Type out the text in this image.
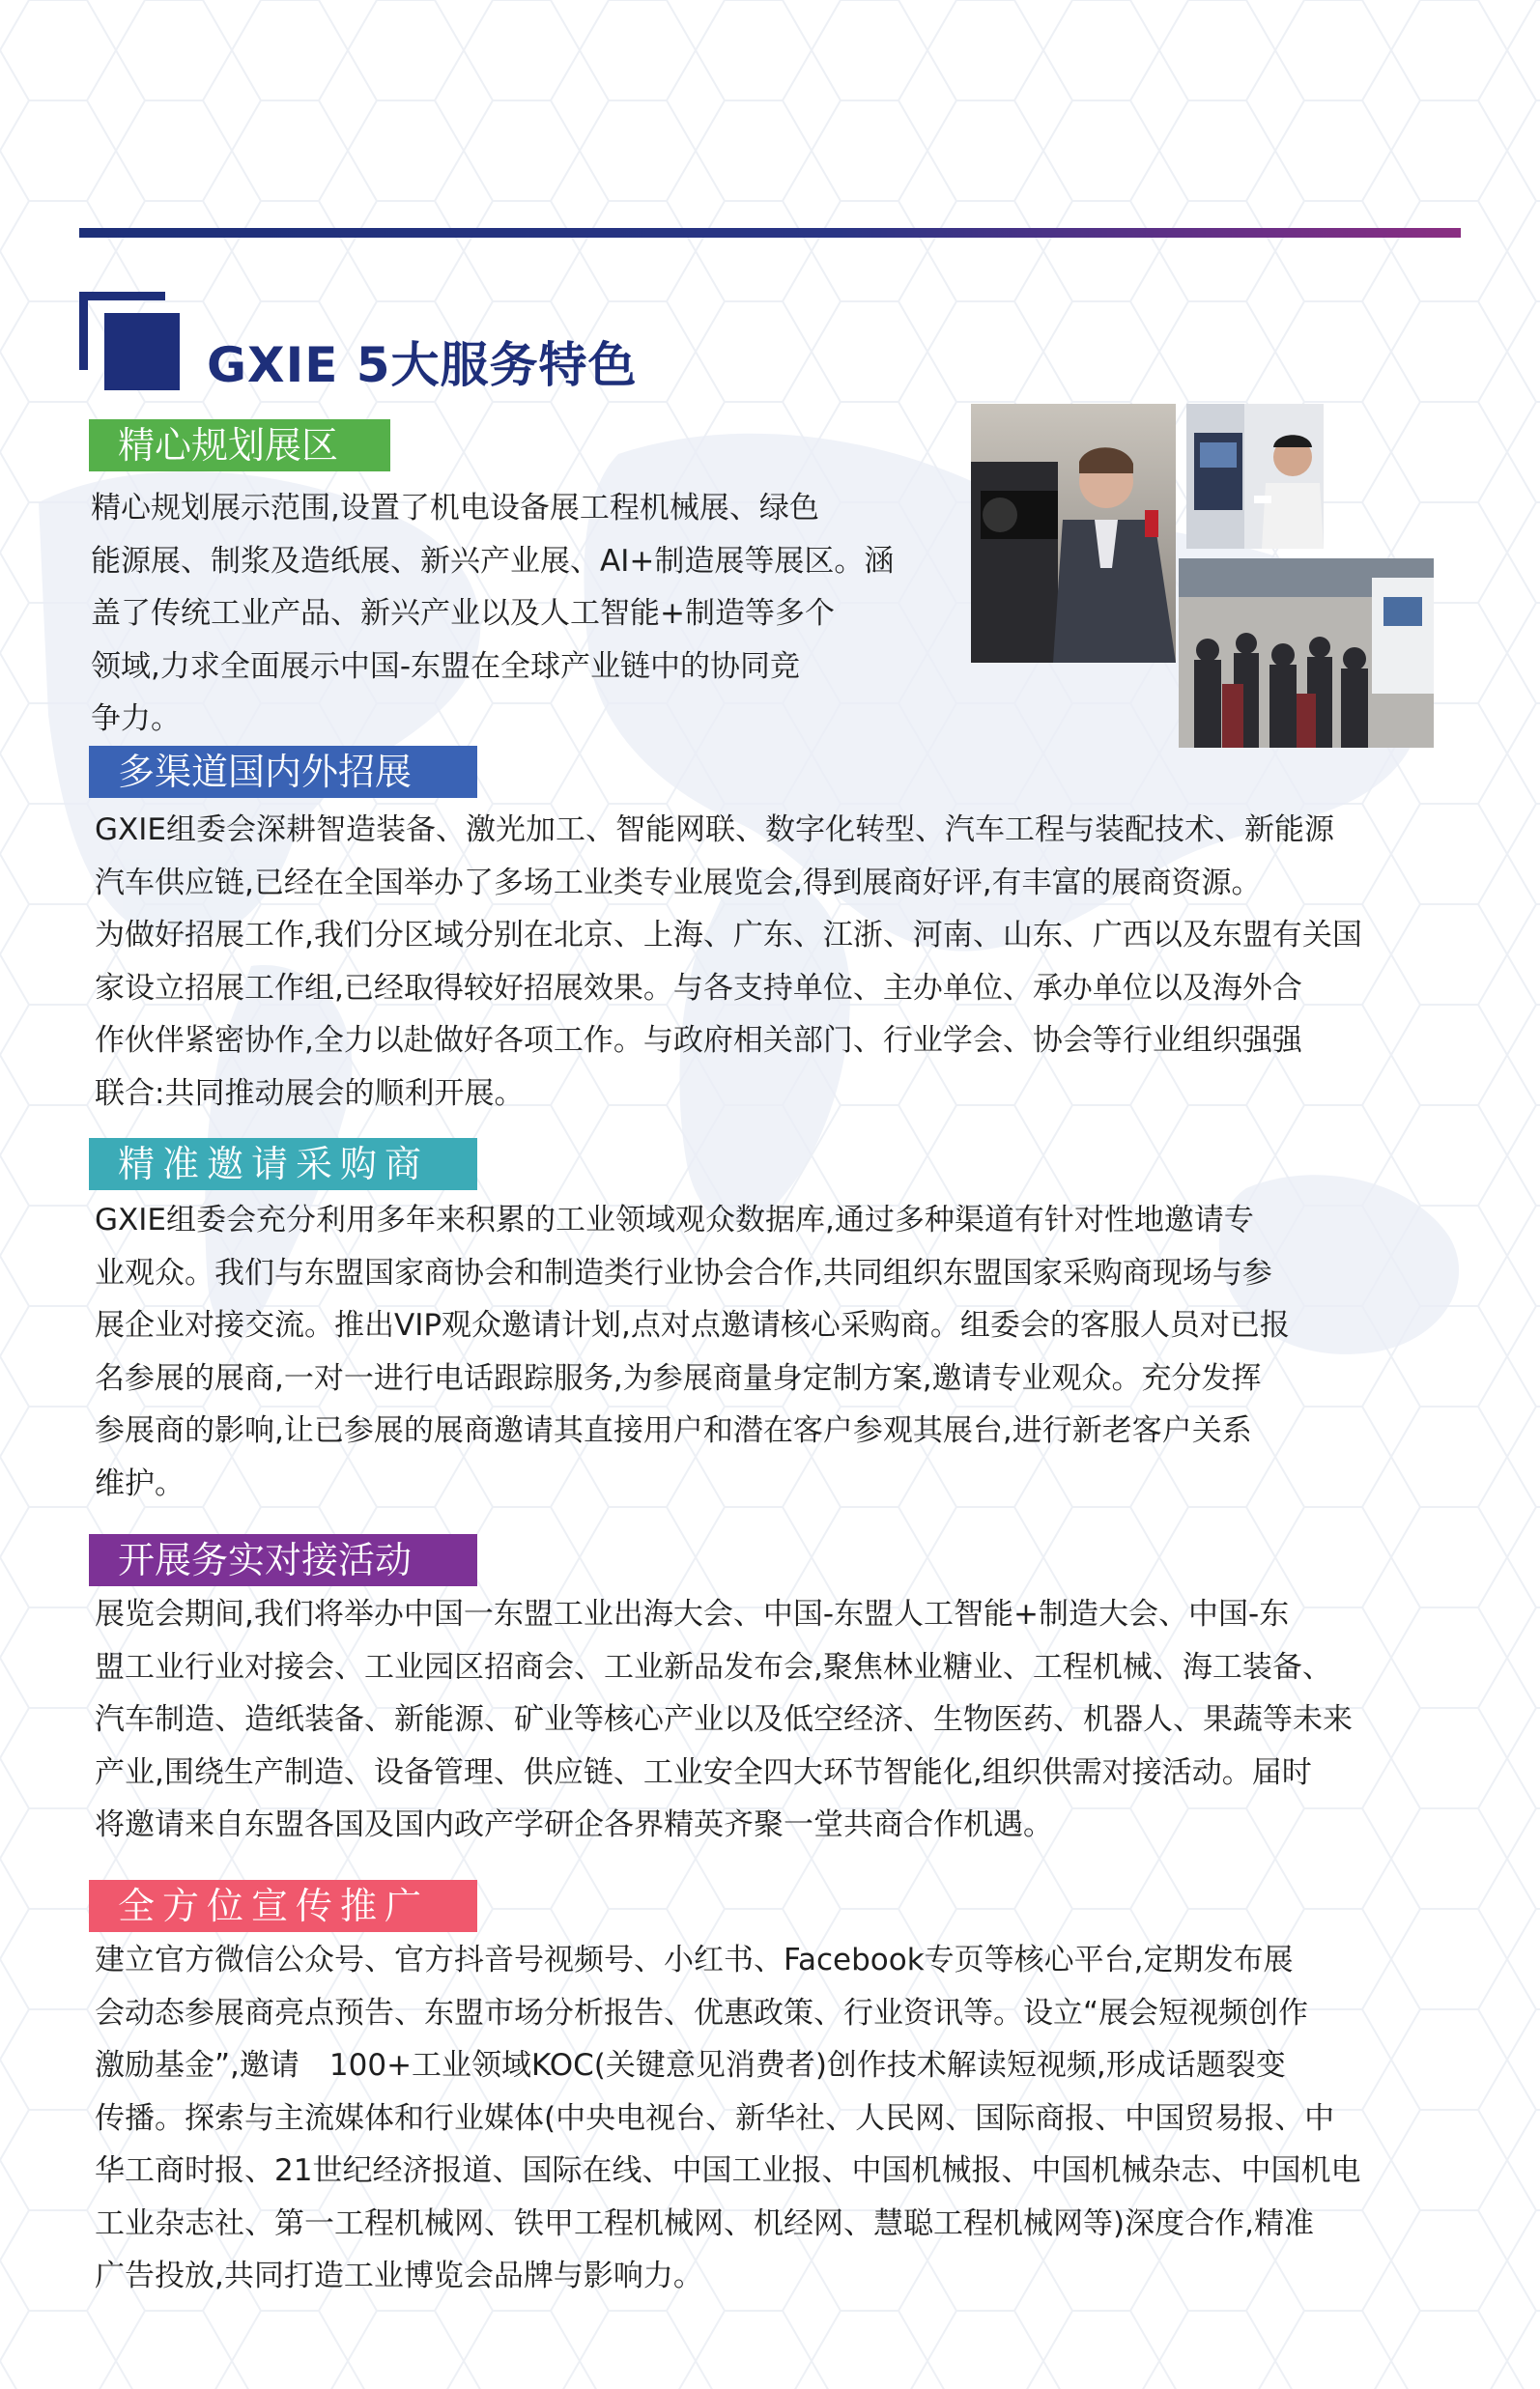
GXIE 5大服务特色
精心规划展区
精心规划展示范围,设置了机电设备展工程机械展、绿色
能源展、制浆及造纸展、新兴产业展、AI+制造展等展区。涵
盖了传统工业产品、新兴产业以及人工智能+制造等多个
领域,力求全面展示中国-东盟在全球产业链中的协同竞
争力。
多渠道国内外招展
GXIE组委会深耕智造装备、激光加工、智能网联、数字化转型、汽车工程与装配技术、新能源
汽车供应链,已经在全国举办了多场工业类专业展览会,得到展商好评,有丰富的展商资源。
为做好招展工作,我们分区域分别在北京、上海、广东、江浙、河南、山东、广西以及东盟有关国
家设立招展工作组,已经取得较好招展效果。与各支持单位、主办单位、承办单位以及海外合
作伙伴紧密协作,全力以赴做好各项工作。与政府相关部门、行业学会、协会等行业组织强强
联合:共同推动展会的顺利开展。
精准邀请采购商
GXIE组委会充分利用多年来积累的工业领域观众数据库,通过多种渠道有针对性地邀请专
业观众。我们与东盟国家商协会和制造类行业协会合作,共同组织东盟国家采购商现场与参
展企业对接交流。推出VIP观众邀请计划,点对点邀请核心采购商。组委会的客服人员对已报
名参展的展商,一对一进行电话跟踪服务,为参展商量身定制方案,邀请专业观众。充分发挥
参展商的影响,让已参展的展商邀请其直接用户和潜在客户参观其展台,进行新老客户关系
维护。
开展务实对接活动
展览会期间,我们将举办中国一东盟工业出海大会、中国-东盟人工智能+制造大会、中国-东
盟工业行业对接会、工业园区招商会、工业新品发布会,聚焦林业糖业、工程机械、海工装备、
汽车制造、造纸装备、新能源、矿业等核心产业以及低空经济、生物医药、机器人、果蔬等未来
产业,围绕生产制造、设备管理、供应链、工业安全四大环节智能化,组织供需对接活动。届时
将邀请来自东盟各国及国内政产学研企各界精英齐聚一堂共商合作机遇。
全方位宣传推广
建立官方微信公众号、官方抖音号视频号、小红书、Facebook专页等核心平台,定期发布展
会动态参展商亮点预告、东盟市场分析报告、优惠政策、行业资讯等。设立“展会短视频创作
激励基金”,邀请　100+工业领域KOC(关键意见消费者)创作技术解读短视频,形成话题裂变
传播。探索与主流媒体和行业媒体(中央电视台、新华社、人民网、国际商报、中国贸易报、中
华工商时报、21世纪经济报道、国际在线、中国工业报、中国机械报、中国机械杂志、中国机电
工业杂志社、第一工程机械网、铁甲工程机械网、机经网、慧聪工程机械网等)深度合作,精准
广告投放,共同打造工业博览会品牌与影响力。
